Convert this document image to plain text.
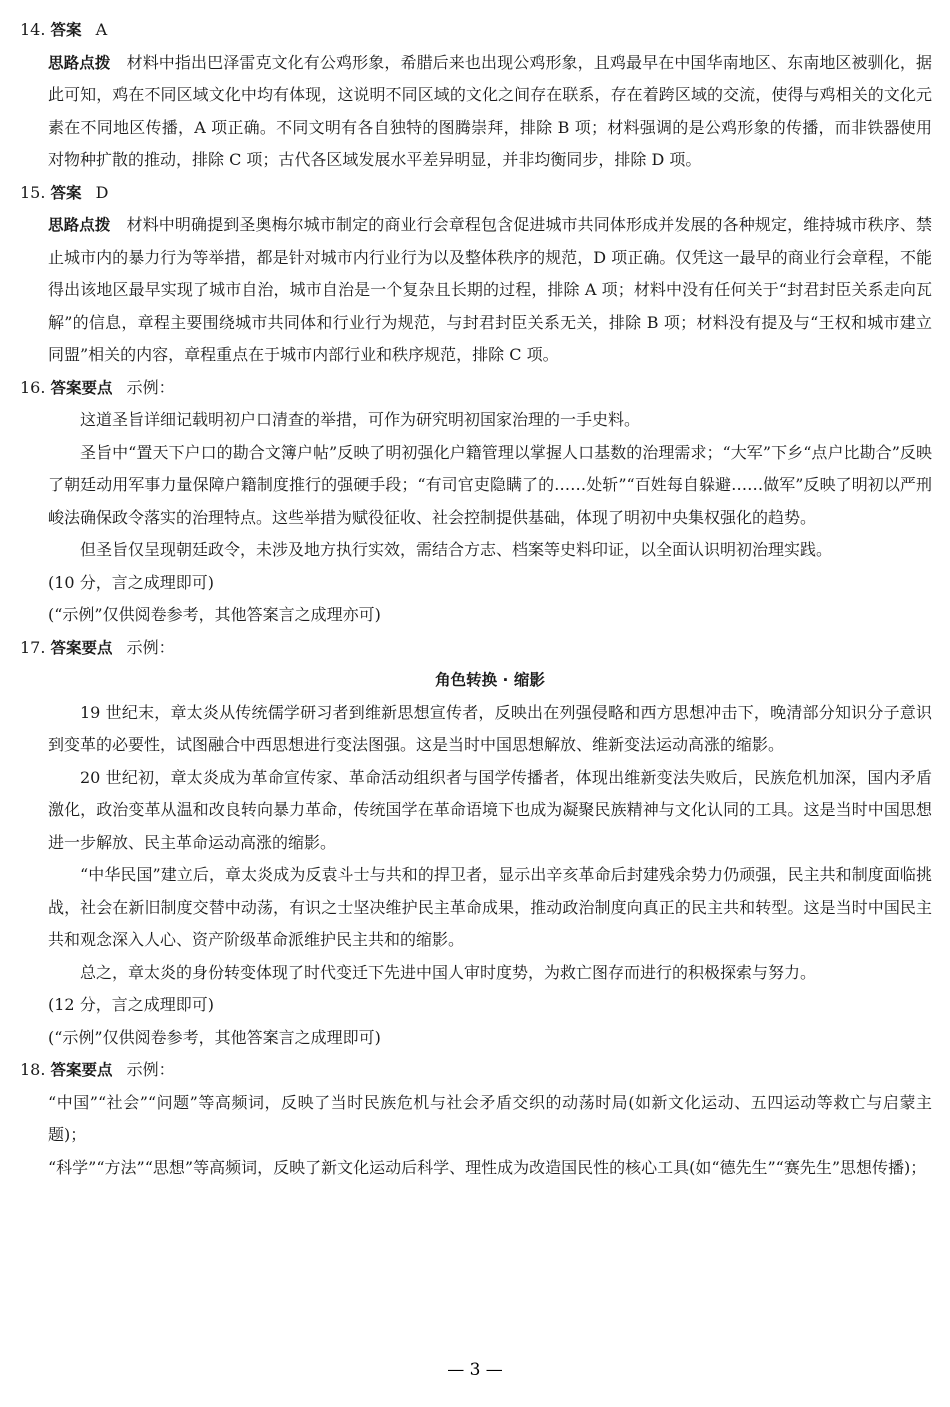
14. 答案 A

思路点拨　 材料中指出巴泽雷克文化有公鸡形象，希腊后来也出现公鸡形象，且鸡最早在中国华南地区、东南地区被驯化，据此可知，鸡在不同区域文化中均有体现，这说明不同区域的文化之间存在联系，存在着跨区域的交流，使得与鸡相关的文化元素在不同地区传播，A 项正确。不同文明有各自独特的图腾崇拜，排除 B 项；材料强调的是公鸡形象的传播，而非铁器使用对物种扩散的推动，排除 C 项；古代各区域发展水平差异明显，并非均衡同步，排除 D 项。

15. 答案 D

思路点拨　 材料中明确提到圣奥梅尔城市制定的商业行会章程包含促进城市共同体形成并发展的各种规定，维持城市秩序、禁止城市内的暴力行为等举措，都是针对城市内行业行为以及整体秩序的规范，D 项正确。仅凭这一最早的商业行会章程，不能得出该地区最早实现了城市自治，城市自治是一个复杂且长期的过程，排除 A 项；材料中没有任何关于“封君封臣关系走向瓦解”的信息，章程主要围绕城市共同体和行业行为规范，与封君封臣关系无关，排除 B 项；材料没有提及与“王权和城市建立同盟”相关的内容，章程重点在于城市内部行业和秩序规范，排除 C 项。

16. 答案要点 示例：

这道圣旨详细记载明初户口清查的举措，可作为研究明初国家治理的一手史料。

圣旨中“置天下户口的勘合文簿户帖”反映了明初强化户籍管理以掌握人口基数的治理需求；“大军”下乡“点户比勘合”反映了朝廷动用军事力量保障户籍制度推行的强硬手段；“有司官吏隐瞒了的……处斩”“百姓每自躲避……做军”反映了明初以严刑峻法确保政令落实的治理特点。这些举措为赋役征收、社会控制提供基础，体现了明初中央集权强化的趋势。

但圣旨仅呈现朝廷政令，未涉及地方执行实效，需结合方志、档案等史料印证，以全面认识明初治理实践。

(10 分，言之成理即可)

(“示例”仅供阅卷参考，其他答案言之成理亦可)

17. 答案要点 示例：

角色转换 · 缩影

19 世纪末，章太炎从传统儒学研习者到维新思想宣传者，反映出在列强侵略和西方思想冲击下，晚清部分知识分子意识到变革的必要性，试图融合中西思想进行变法图强。这是当时中国思想解放、维新变法运动高涨的缩影。

20 世纪初，章太炎成为革命宣传家、革命活动组织者与国学传播者，体现出维新变法失败后，民族危机加深，国内矛盾激化，政治变革从温和改良转向暴力革命，传统国学在革命语境下也成为凝聚民族精神与文化认同的工具。这是当时中国思想进一步解放、民主革命运动高涨的缩影。

“中华民国”建立后，章太炎成为反袁斗士与共和的捍卫者，显示出辛亥革命后封建残余势力仍顽强，民主共和制度面临挑战，社会在新旧制度交替中动荡，有识之士坚决维护民主革命成果，推动政治制度向真正的民主共和转型。这是当时中国民主共和观念深入人心、资产阶级革命派维护民主共和的缩影。

总之，章太炎的身份转变体现了时代变迁下先进中国人审时度势，为救亡图存而进行的积极探索与努力。

(12 分，言之成理即可)

(“示例”仅供阅卷参考，其他答案言之成理即可)

18. 答案要点 示例：

“中国”“社会”“问题”等高频词，反映了当时民族危机与社会矛盾交织的动荡时局(如新文化运动、五四运动等救亡与启蒙主题)；

“科学”“方法”“思想”等高频词，反映了新文化运动后科学、理性成为改造国民性的核心工具(如“德先生”“赛先生”思想传播)；

— 3 —
